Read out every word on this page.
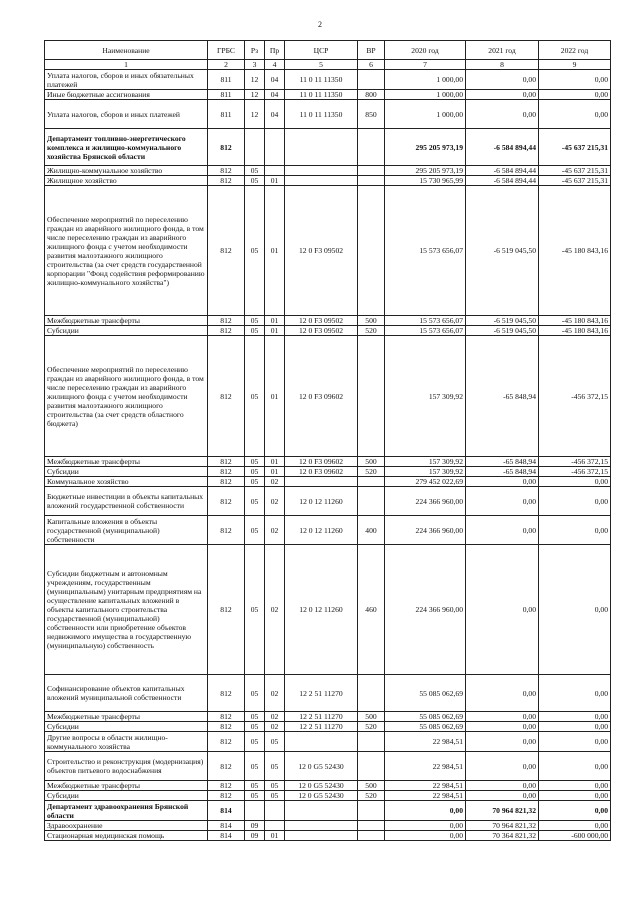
2
Наименование	ГРБС	Рз	Пр	ЦСР	ВР	2020 год	2021 год	2022 год
1	2	3	4	5	6	7	8	9
Уплата налогов, сборов и иных обязательных платежей	811	12	04	11 0 11 11350		1 000,00	0,00	0,00
Иные бюджетные ассигнования	811	12	04	11 0 11 11350	800	1 000,00	0,00	0,00
Уплата налогов, сборов и иных платежей	811	12	04	11 0 11 11350	850	1 000,00	0,00	0,00
Департамент топливно-энергетического комплекса и жилищно-коммунального хозяйства Брянской области	812					295 205 973,19	-6 584 894,44	-45 637 215,31
Жилищно-коммунальное хозяйство	812	05				295 205 973,19	-6 584 894,44	-45 637 215,31
Жилищное хозяйство	812	05	01			15 730 965,99	-6 584 894,44	-45 637 215,31
Обеспечение мероприятий по переселению граждан из аварийного жилищного фонда, в том числе переселению граждан из аварийного жилищного фонда с учетом необходимости развития малоэтажного жилищного строительства (за счет средств государственной корпорации "Фонд содействия реформированию жилищно-коммунального хозяйства")	812	05	01	12 0 F3 09502		15 573 656,07	-6 519 045,50	-45 180 843,16
Межбюджетные трансферты	812	05	01	12 0 F3 09502	500	15 573 656,07	-6 519 045,50	-45 180 843,16
Субсидии	812	05	01	12 0 F3 09502	520	15 573 656,07	-6 519 045,50	-45 180 843,16
Обеспечение мероприятий по переселению граждан из аварийного жилищного фонда, в том числе переселению граждан из аварийного жилищного фонда с учетом необходимости развития малоэтажного жилищного строительства (за счет средств областного бюджета)	812	05	01	12 0 F3 09602		157 309,92	-65 848,94	-456 372,15
Межбюджетные трансферты	812	05	01	12 0 F3 09602	500	157 309,92	-65 848,94	-456 372,15
Субсидии	812	05	01	12 0 F3 09602	520	157 309,92	-65 848,94	-456 372,15
Коммунальное хозяйство	812	05	02			279 452 022,69	0,00	0,00
Бюджетные инвестиции в объекты капитальных вложений государственной собственности	812	05	02	12 0 12 11260		224 366 960,00	0,00	0,00
Капитальные вложения в объекты государственной (муниципальной) собственности	812	05	02	12 0 12 11260	400	224 366 960,00	0,00	0,00
Субсидии бюджетным и автономным учреждениям, государственным (муниципальным) унитарным предприятиям на осуществление капитальных вложений в объекты капитального строительства государственной (муниципальной) собственности или приобретение объектов недвижимого имущества в государственную (муниципальную) собственность	812	05	02	12 0 12 11260	460	224 366 960,00	0,00	0,00
Софинансирование объектов капитальных вложений муниципальной собственности	812	05	02	12 2 51 11270		55 085 062,69	0,00	0,00
Межбюджетные трансферты	812	05	02	12 2 51 11270	500	55 085 062,69	0,00	0,00
Субсидии	812	05	02	12 2 51 11270	520	55 085 062,69	0,00	0,00
Другие вопросы в области жилищно-коммунального хозяйства	812	05	05			22 984,51	0,00	0,00
Строительство и реконструкция (модернизация) объектов питьевого водоснабжения	812	05	05	12 0 G5 52430		22 984,51	0,00	0,00
Межбюджетные трансферты	812	05	05	12 0 G5 52430	500	22 984,51	0,00	0,00
Субсидии	812	05	05	12 0 G5 52430	520	22 984,51	0,00	0,00
Департамент здравоохранения Брянской области	814					0,00	70 964 821,32	0,00
Здравоохранение	814	09				0,00	70 964 821,32	0,00
Стационарная медицинская помощь	814	09	01			0,00	70 364 821,32	-600 000,00
